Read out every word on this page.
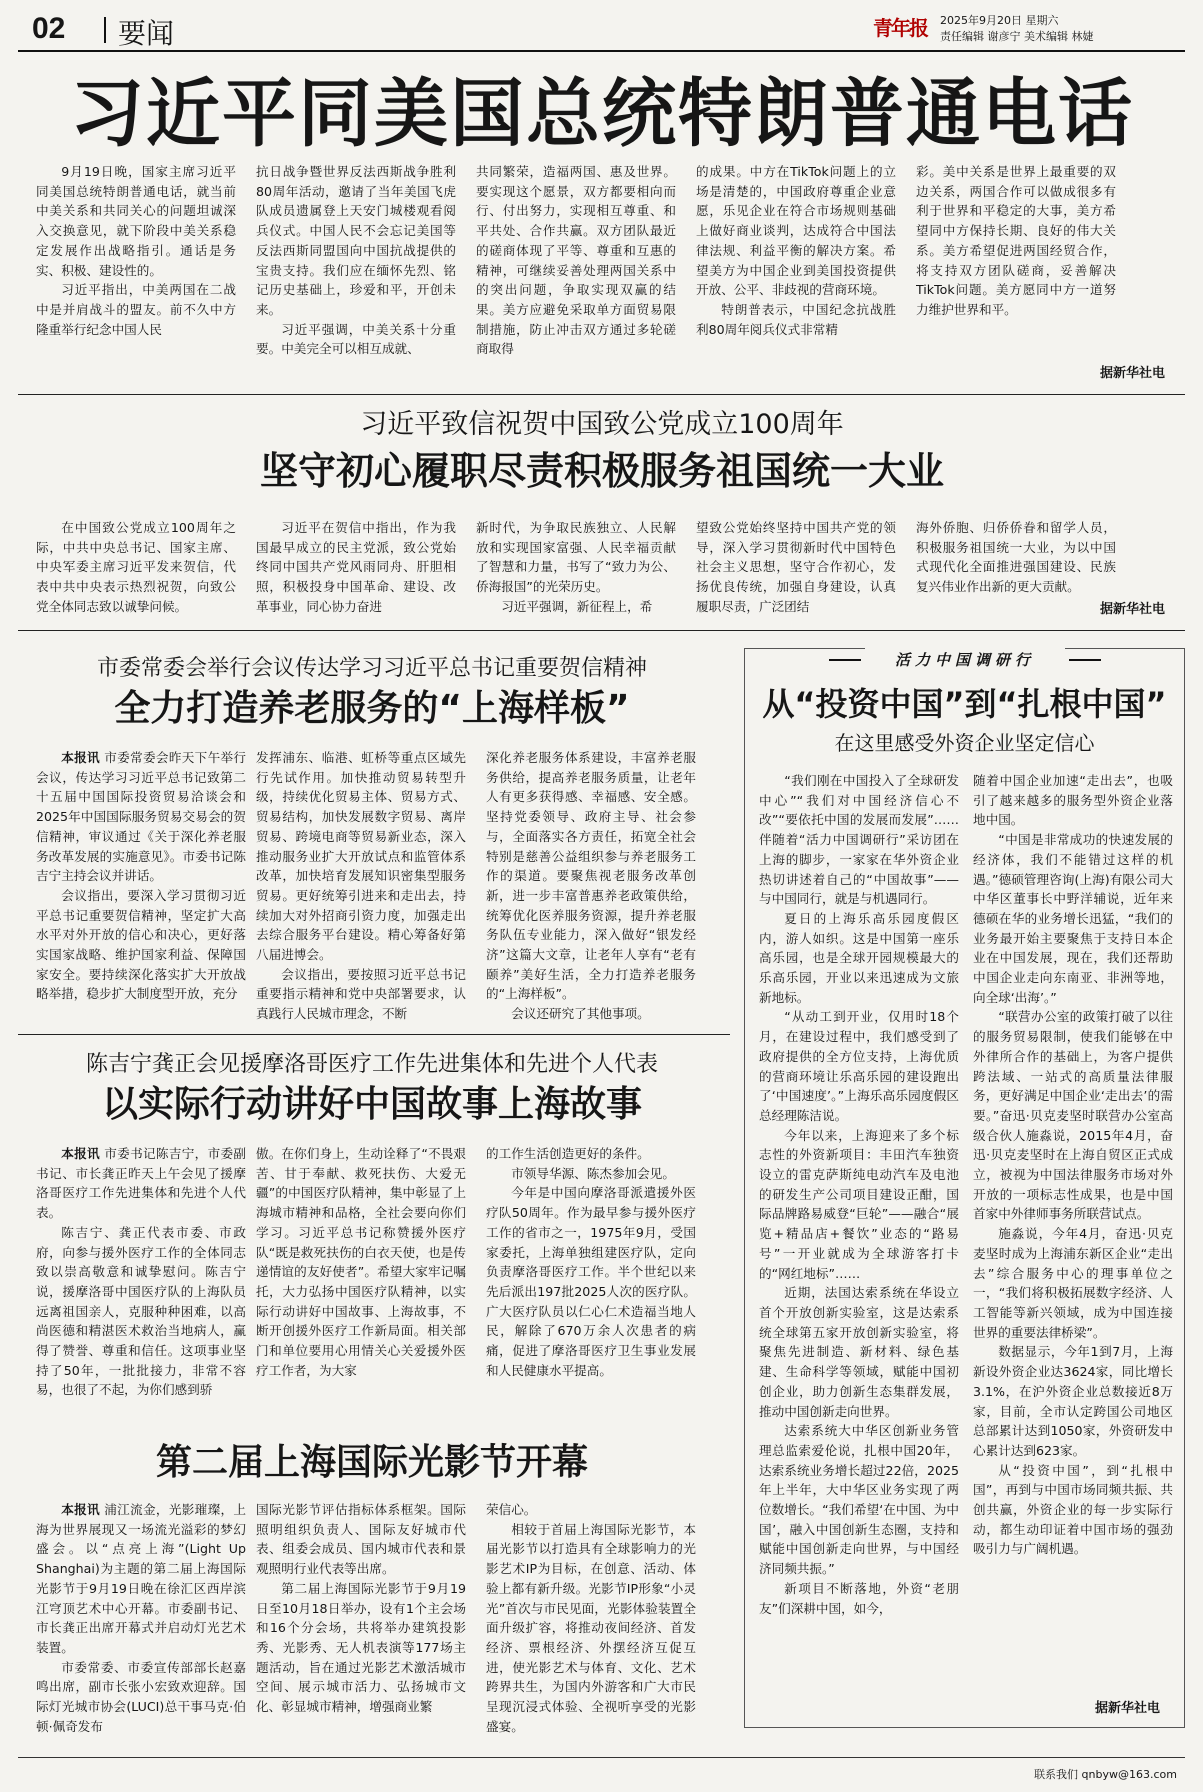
02 要闻	青年报	2025年9月20日 星期六
责任编辑 谢彦宁 美术编辑 林婕
习近平同美国总统特朗普通电话

9月19日晚，国家主席习近平同美国总统特朗普通电话，就当前中美关系和共同关心的问题坦诚深入交换意见，就下阶段中美关系稳定发展作出战略指引。通话是务实、积极、建设性的。

习近平指出，中美两国在二战中是并肩战斗的盟友。前不久中方隆重举行纪念中国人民

抗日战争暨世界反法西斯战争胜利80周年活动，邀请了当年美国飞虎队成员遗属登上天安门城楼观看阅兵仪式。中国人民不会忘记美国等反法西斯同盟国向中国抗战提供的宝贵支持。我们应在缅怀先烈、铭记历史基础上，珍爱和平，开创未来。

习近平强调，中美关系十分重要。中美完全可以相互成就、

共同繁荣，造福两国、惠及世界。要实现这个愿景，双方都要相向而行、付出努力，实现相互尊重、和平共处、合作共赢。双方团队最近的磋商体现了平等、尊重和互惠的精神，可继续妥善处理两国关系中的突出问题，争取实现双赢的结果。美方应避免采取单方面贸易限制措施，防止冲击双方通过多轮磋商取得

的成果。中方在TikTok问题上的立场是清楚的，中国政府尊重企业意愿，乐见企业在符合市场规则基础上做好商业谈判，达成符合中国法律法规、利益平衡的解决方案。希望美方为中国企业到美国投资提供开放、公平、非歧视的营商环境。

特朗普表示，中国纪念抗战胜利80周年阅兵仪式非常精

彩。美中关系是世界上最重要的双边关系，两国合作可以做成很多有利于世界和平稳定的大事，美方希望同中方保持长期、良好的伟大关系。美方希望促进两国经贸合作，将支持双方团队磋商，妥善解决TikTok问题。美方愿同中方一道努力维护世界和平。

据新华社电
习近平致信祝贺中国致公党成立100周年
坚守初心履职尽责积极服务祖国统一大业

在中国致公党成立100周年之际，中共中央总书记、国家主席、中央军委主席习近平发来贺信，代表中共中央表示热烈祝贺，向致公党全体同志致以诚挚问候。

习近平在贺信中指出，作为我国最早成立的民主党派，致公党始终同中国共产党风雨同舟、肝胆相照，积极投身中国革命、建设、改革事业，同心协力奋进

新时代，为争取民族独立、人民解放和实现国家富强、人民幸福贡献了智慧和力量，书写了“致力为公、侨海报国”的光荣历史。

习近平强调，新征程上，希

望致公党始终坚持中国共产党的领导，深入学习贯彻新时代中国特色社会主义思想，坚守合作初心，发扬优良传统，加强自身建设，认真履职尽责，广泛团结

海外侨胞、归侨侨眷和留学人员，积极服务祖国统一大业，为以中国式现代化全面推进强国建设、民族复兴伟业作出新的更大贡献。

据新华社电
市委常委会举行会议传达学习习近平总书记重要贺信精神
全力打造养老服务的“上海样板”

本报讯 市委常委会昨天下午举行会议，传达学习习近平总书记致第二十五届中国国际投资贸易洽谈会和2025年中国国际服务贸易交易会的贺信精神，审议通过《关于深化养老服务改革发展的实施意见》。市委书记陈吉宁主持会议并讲话。

会议指出，要深入学习贯彻习近平总书记重要贺信精神，坚定扩大高水平对外开放的信心和决心，更好落实国家战略、维护国家利益、保障国家安全。要持续深化落实扩大开放战略举措，稳步扩大制度型开放，充分

发挥浦东、临港、虹桥等重点区域先行先试作用。加快推动贸易转型升级，持续优化贸易主体、贸易方式、贸易结构，加快发展数字贸易、离岸贸易、跨境电商等贸易新业态，深入推动服务业扩大开放试点和监管体系改革，加快培育发展知识密集型服务贸易。更好统筹引进来和走出去，持续加大对外招商引资力度，加强走出去综合服务平台建设。精心筹备好第八届进博会。

会议指出，要按照习近平总书记重要指示精神和党中央部署要求，认真践行人民城市理念，不断

深化养老服务体系建设，丰富养老服务供给，提高养老服务质量，让老年人有更多获得感、幸福感、安全感。坚持党委领导、政府主导、社会参与，全面落实各方责任，拓宽全社会特别是慈善公益组织参与养老服务工作的渠道。要聚焦视老服务改革创新，进一步丰富普惠养老政策供给，统筹优化医养服务资源，提升养老服务队伍专业能力，深入做好“银发经济”这篇大文章，让老年人享有“老有颐养”美好生活，全力打造养老服务的“上海样板”。

会议还研究了其他事项。

陈吉宁龚正会见援摩洛哥医疗工作先进集体和先进个人代表
以实际行动讲好中国故事上海故事

本报讯 市委书记陈吉宁，市委副书记、市长龚正昨天上午会见了援摩洛哥医疗工作先进集体和先进个人代表。

陈吉宁、龚正代表市委、市政府，向参与援外医疗工作的全体同志致以崇高敬意和诚挚慰问。陈吉宁说，援摩洛哥中国医疗队的上海队员远离祖国亲人，克服种种困难，以高尚医德和精湛医术救治当地病人，赢得了赞誉、尊重和信任。这项事业坚持了50年，一批批接力，非常不容易，也很了不起，为你们感到骄

傲。在你们身上，生动诠释了“不畏艰苦、甘于奉献、救死扶伤、大爱无疆”的中国医疗队精神，集中彰显了上海城市精神和品格，全社会要向你们学习。习近平总书记称赞援外医疗队“既是救死扶伤的白衣天使，也是传递情谊的友好使者”。希望大家牢记嘱托，大力弘扬中国医疗队精神，以实际行动讲好中国故事、上海故事，不断开创援外医疗工作新局面。相关部门和单位要用心用情关心关爱援外医疗工作者，为大家

的工作生活创造更好的条件。

市领导华源、陈杰参加会见。

今年是中国向摩洛哥派遣援外医疗队50周年。作为最早参与援外医疗工作的省市之一，1975年9月，受国家委托，上海单独组建医疗队，定向负责摩洛哥医疗工作。半个世纪以来先后派出197批2025人次的医疗队。广大医疗队员以仁心仁术造福当地人民，解除了670万余人次患者的病痛，促进了摩洛哥医疗卫生事业发展和人民健康水平提高。

第二届上海国际光影节开幕

本报讯 浦江流金，光影璀璨，上海为世界展现又一场流光溢彩的梦幻盛会。以“点亮上海”(Light Up Shanghai)为主题的第二届上海国际光影节于9月19日晚在徐汇区西岸滨江穹顶艺术中心开幕。市委副书记、市长龚正出席开幕式并启动灯光艺术装置。

市委常委、市委宣传部部长赵嘉鸣出席，副市长张小宏致欢迎辞。国际灯光城市协会(LUCI)总干事马克·伯顿·佩奇发布

国际光影节评估指标体系框架。国际照明组织负责人、国际友好城市代表、组委会成员、国内城市代表和景观照明行业代表等出席。

第二届上海国际光影节于9月19日至10月18日举办，设有1个主会场和16个分会场，共将举办建筑投影秀、光影秀、无人机表演等177场主题活动，旨在通过光影艺术激活城市空间、展示城市活力、弘扬城市文化、彰显城市精神，增强商业繁

荣信心。

相较于首届上海国际光影节，本届光影节以打造具有全球影响力的光影艺术IP为目标，在创意、活动、体验上都有新升级。光影节IP形象“小灵光”首次与市民见面，光影体验装置全面升级扩容，将推动夜间经济、首发经济、票根经济、外摆经济互促互进，使光影艺术与体育、文化、艺术跨界共生，为国内外游客和广大市民呈现沉浸式体验、全视听享受的光影盛宴。

活力中国调研行
从“投资中国”到“扎根中国”
在这里感受外资企业坚定信心

“我们刚在中国投入了全球研发中心”“我们对中国经济信心不改”“要依托中国的发展而发展”……伴随着“活力中国调研行”采访团在上海的脚步，一家家在华外资企业热切讲述着自己的“中国故事”——与中国同行，就是与机遇同行。

夏日的上海乐高乐园度假区内，游人如织。这是中国第一座乐高乐园，也是全球开园规模最大的乐高乐园，开业以来迅速成为文旅新地标。

“从动工到开业，仅用时18个月，在建设过程中，我们感受到了政府提供的全方位支持，上海优质的营商环境让乐高乐园的建设跑出了‘中国速度’。”上海乐高乐园度假区总经理陈洁说。

今年以来，上海迎来了多个标志性的外资新项目：丰田汽车独资设立的雷克萨斯纯电动汽车及电池的研发生产公司项目建设正酣，国际品牌路易威登“巨轮”——融合“展览+精品店+餐饮”业态的“路易号”一开业就成为全球游客打卡的“网红地标”……

近期，法国达索系统在华设立首个开放创新实验室，这是达索系统全球第五家开放创新实验室，将聚焦先进制造、新材料、绿色基建、生命科学等领域，赋能中国初创企业，助力创新生态集群发展，推动中国创新走向世界。

达索系统大中华区创新业务管理总监索爱伦说，扎根中国20年，达索系统业务增长超过22倍，2025年上半年，大中华区业务实现了两位数增长。“我们希望‘在中国、为中国’，融入中国创新生态圈，支持和赋能中国创新走向世界，与中国经济同频共振。”

新项目不断落地，外资“老朋友”们深耕中国，如今，

随着中国企业加速“走出去”，也吸引了越来越多的服务型外资企业落地中国。

“中国是非常成功的快速发展的经济体，我们不能错过这样的机遇。”德硕管理咨询(上海)有限公司大中华区董事长中野洋辅说，近年来德硕在华的业务增长迅猛，“我们的业务最开始主要聚焦于支持日本企业在中国发展，现在，我们还帮助中国企业走向东南亚、非洲等地，向全球‘出海’。”

“联营办公室的政策打破了以往的服务贸易限制，使我们能够在中外律所合作的基础上，为客户提供跨法域、一站式的高质量法律服务，更好满足中国企业‘走出去’的需要。”奋迅·贝克麦坚时联营办公室高级合伙人施淼说，2015年4月，奋迅·贝克麦坚时在上海自贸区正式成立，被视为中国法律服务市场对外开放的一项标志性成果，也是中国首家中外律师事务所联营试点。

施淼说，今年4月，奋迅·贝克麦坚时成为上海浦东新区企业“走出去”综合服务中心的理事单位之一，“我们将积极拓展数字经济、人工智能等新兴领域，成为中国连接世界的重要法律桥梁”。

数据显示，今年1到7月，上海新设外资企业达3624家，同比增长3.1%，在沪外资企业总数接近8万家，目前，全市认定跨国公司地区总部累计达到1050家，外资研发中心累计达到623家。

从“投资中国”，到“扎根中国”，再到与中国市场同频共振、共创共赢，外资企业的每一步实际行动，都生动印证着中国市场的强劲吸引力与广阔机遇。

据新华社电
联系我们 qnbyw@163.com
